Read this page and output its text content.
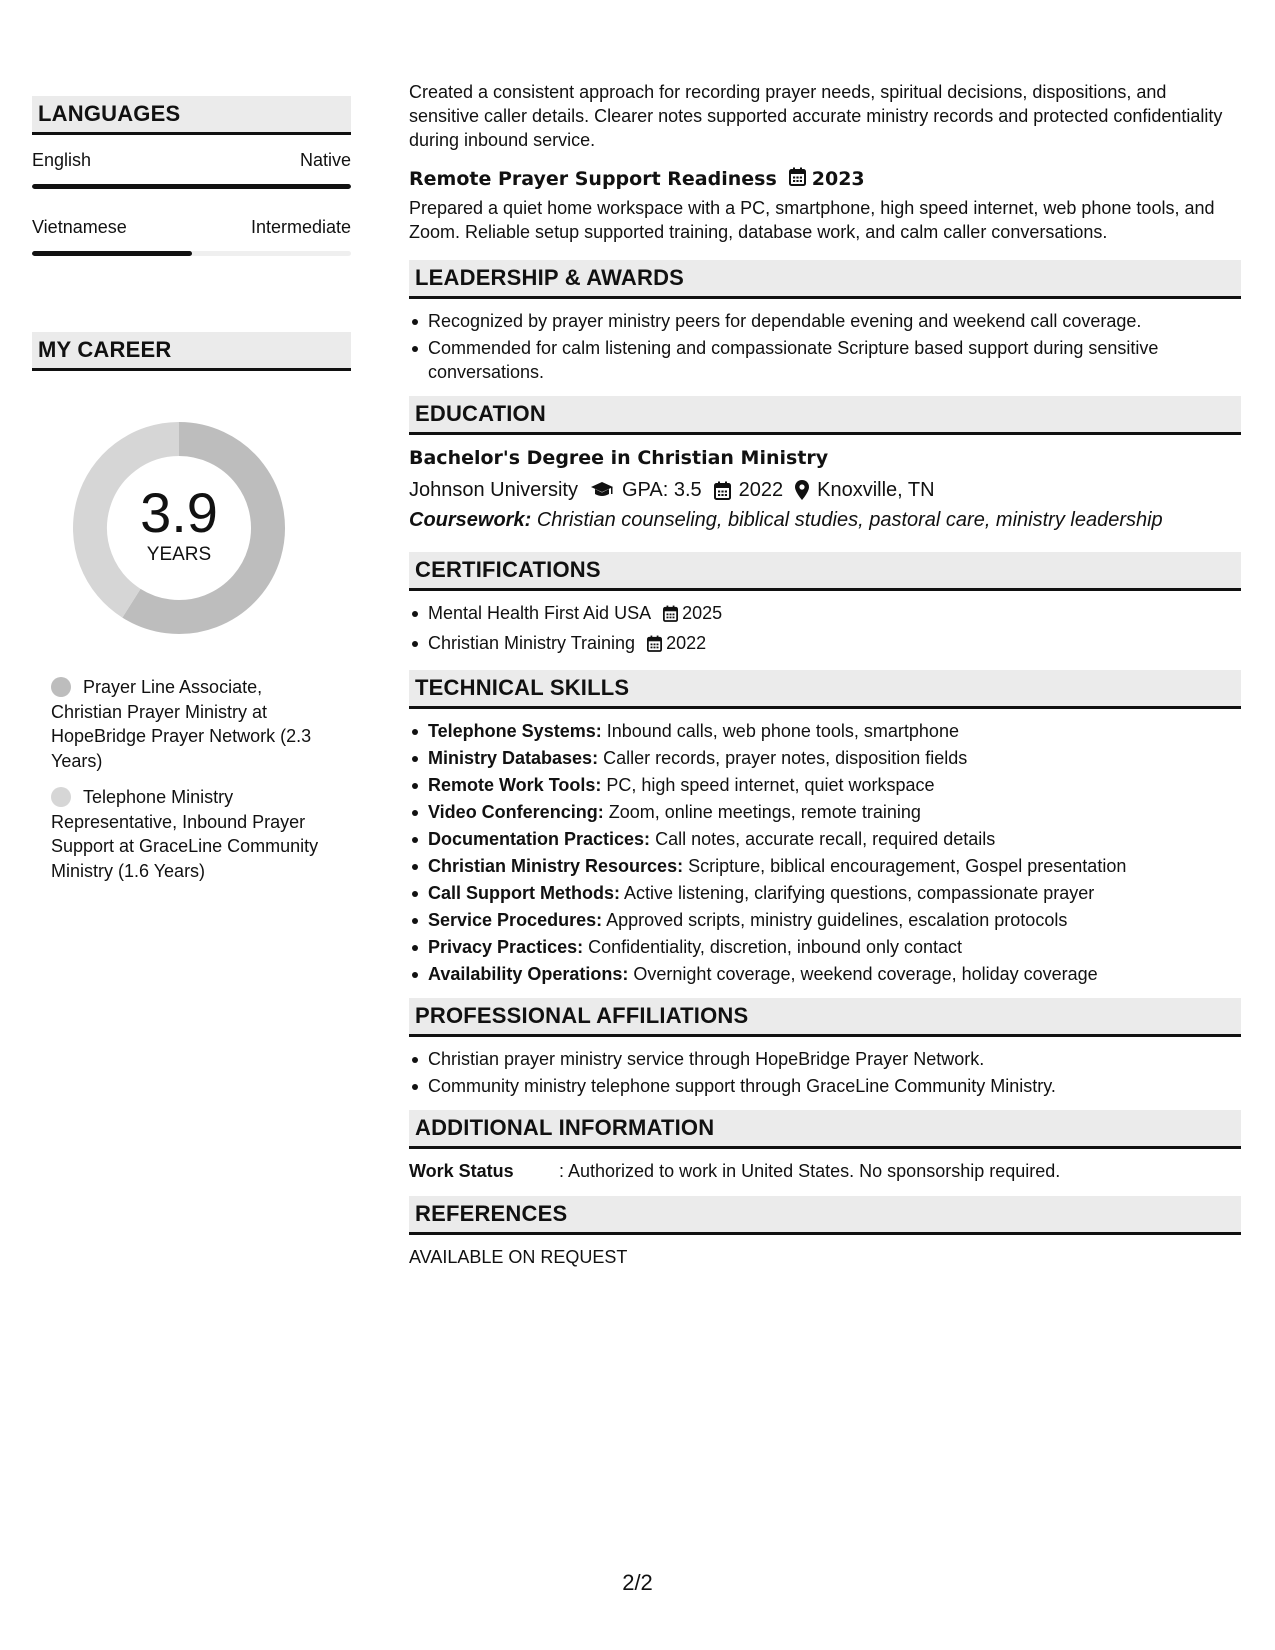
LANGUAGES
English	Native
Vietnamese	Intermediate
MY CAREER
3.9
YEARS
Prayer Line Associate, Christian Prayer Ministry at HopeBridge Prayer Network (2.3 Years)
Telephone Ministry Representative, Inbound Prayer Support at GraceLine Community Ministry (1.6 Years)

Created a consistent approach for recording prayer needs, spiritual decisions, dispositions, and sensitive caller details. Clearer notes supported accurate ministry records and protected confidentiality during inbound service.

Remote Prayer Support Readiness 2023

Prepared a quiet home workspace with a PC, smartphone, high speed internet, web phone tools, and Zoom. Reliable setup supported training, database work, and calm caller conversations.

LEADERSHIP & AWARDS
Recognized by prayer ministry peers for dependable evening and weekend call coverage.
Commended for calm listening and compassionate Scripture based support during sensitive conversations.
EDUCATION
Bachelor's Degree in Christian Ministry
Johnson University GPA: 3.5 2022 Knoxville, TN
Coursework: Christian counseling, biblical studies, pastoral care, ministry leadership
CERTIFICATIONS
Mental Health First Aid USA 2025
Christian Ministry Training 2022
TECHNICAL SKILLS
Telephone Systems: Inbound calls, web phone tools, smartphone
Ministry Databases: Caller records, prayer notes, disposition fields
Remote Work Tools: PC, high speed internet, quiet workspace
Video Conferencing: Zoom, online meetings, remote training
Documentation Practices: Call notes, accurate recall, required details
Christian Ministry Resources: Scripture, biblical encouragement, Gospel presentation
Call Support Methods: Active listening, clarifying questions, compassionate prayer
Service Procedures: Approved scripts, ministry guidelines, escalation protocols
Privacy Practices: Confidentiality, discretion, inbound only contact
Availability Operations: Overnight coverage, weekend coverage, holiday coverage
PROFESSIONAL AFFILIATIONS
Christian prayer ministry service through HopeBridge Prayer Network.
Community ministry telephone support through GraceLine Community Ministry.
ADDITIONAL INFORMATION
Work Status	: Authorized to work in United States. No sponsorship required.
REFERENCES
AVAILABLE ON REQUEST
2/2
